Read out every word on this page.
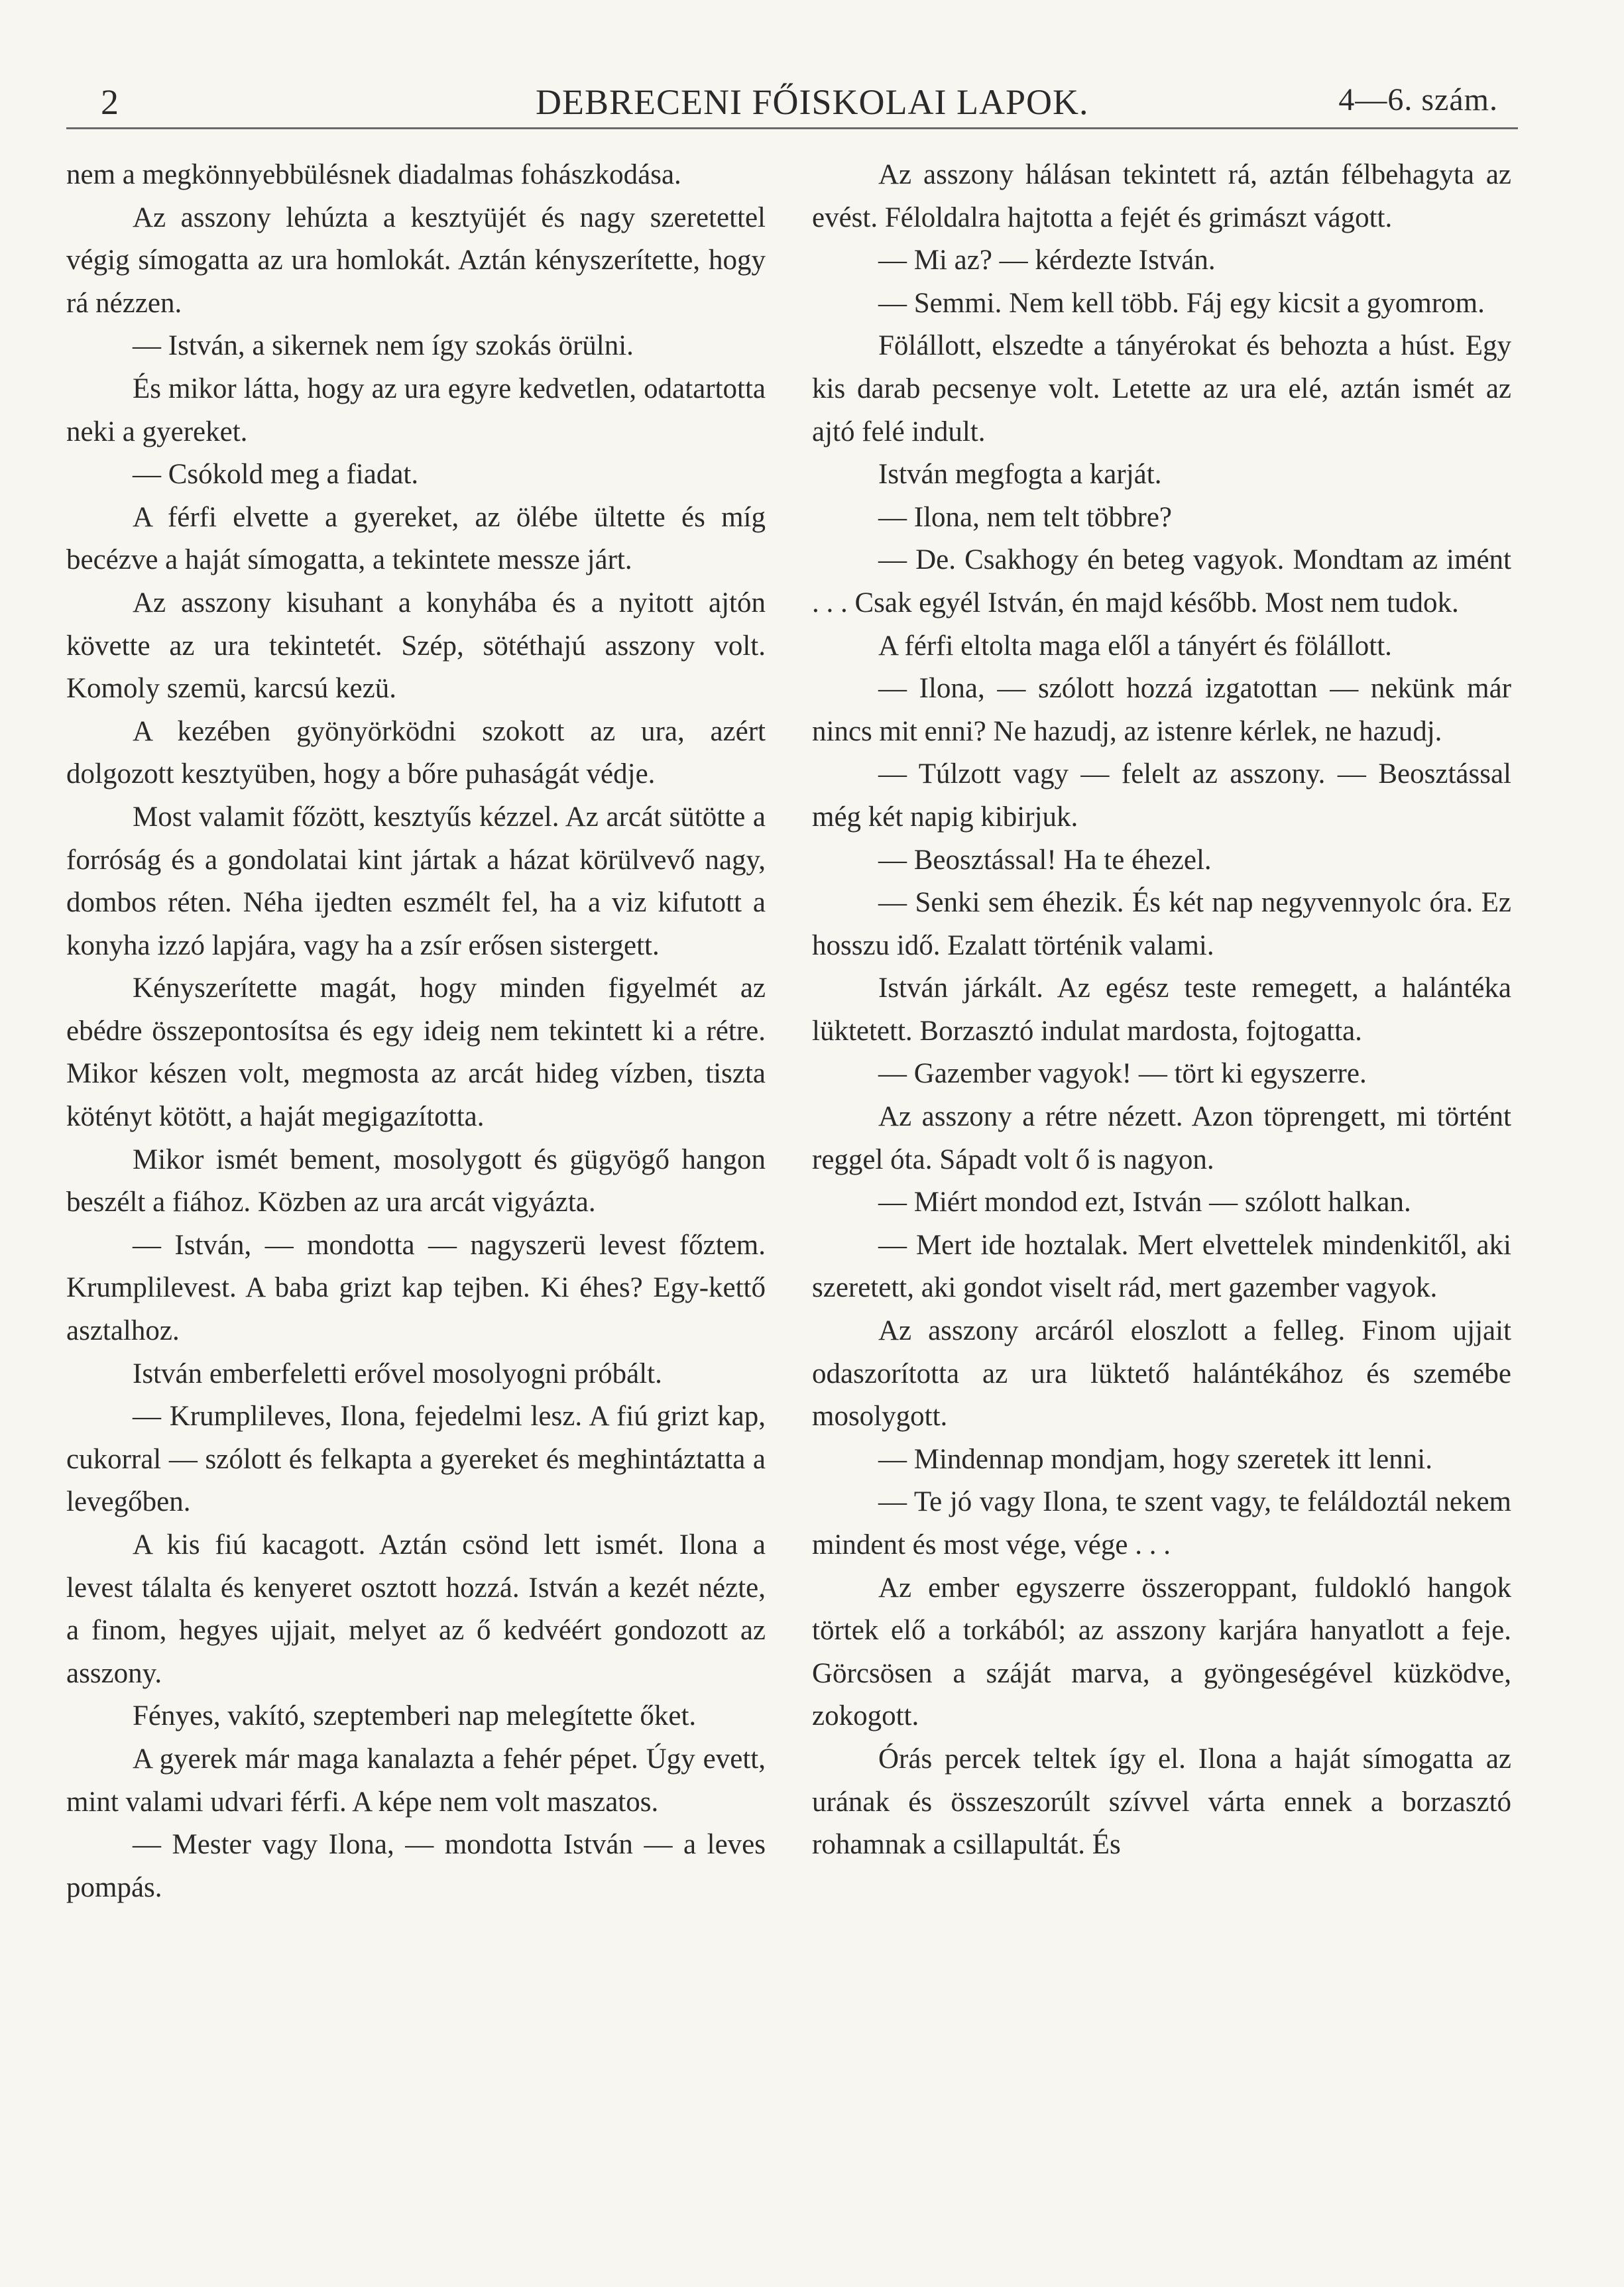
2	DEBRECENI FŐISKOLAI LAPOK.	4—6. szám.

nem a megkönnyebbülésnek diadalmas fohászkodása.

Az asszony lehúzta a kesztyüjét és nagy szeretettel végig símogatta az ura homlokát. Aztán kényszerítette, hogy rá nézzen.

— István, a sikernek nem így szokás örülni.

És mikor látta, hogy az ura egyre kedvetlen, odatartotta neki a gyereket.

— Csókold meg a fiadat.

A férfi elvette a gyereket, az ölébe ültette és míg becézve a haját símogatta, a tekintete messze járt.

Az asszony kisuhant a konyhába és a nyitott ajtón követte az ura tekintetét. Szép, sötéthajú asszony volt. Komoly szemü, karcsú kezü.

A kezében gyönyörködni szokott az ura, azért dolgozott kesztyüben, hogy a bőre puhaságát védje.

Most valamit főzött, kesztyűs kézzel. Az arcát sütötte a forróság és a gondolatai kint jártak a házat körülvevő nagy, dombos réten. Néha ijedten eszmélt fel, ha a viz kifutott a konyha izzó lapjára, vagy ha a zsír erősen sistergett.

Kényszerítette magát, hogy minden figyelmét az ebédre összepontosítsa és egy ideig nem tekintett ki a rétre. Mikor készen volt, megmosta az arcát hideg vízben, tiszta kötényt kötött, a haját megigazította.

Mikor ismét bement, mosolygott és gügyögő hangon beszélt a fiához. Közben az ura arcát vigyázta.

— István, — mondotta — nagyszerü levest főztem. Krumplilevest. A baba grizt kap tejben. Ki éhes? Egy-kettő asztalhoz.

István emberfeletti erővel mosolyogni próbált.

— Krumplileves, Ilona, fejedelmi lesz. A fiú grizt kap, cukorral — szólott és felkapta a gyereket és meghintáztatta a levegőben.

A kis fiú kacagott. Aztán csönd lett ismét. Ilona a levest tálalta és kenyeret osztott hozzá. István a kezét nézte, a finom, hegyes ujjait, melyet az ő kedvéért gondozott az asszony.

Fényes, vakító, szeptemberi nap melegítette őket.

A gyerek már maga kanalazta a fehér pépet. Úgy evett, mint valami udvari férfi. A képe nem volt maszatos.

— Mester vagy Ilona, — mondotta István — a leves pompás.

Az asszony hálásan tekintett rá, aztán félbehagyta az evést. Féloldalra hajtotta a fejét és grimászt vágott.

— Mi az? — kérdezte István.

— Semmi. Nem kell több. Fáj egy kicsit a gyomrom.

Fölállott, elszedte a tányérokat és behozta a húst. Egy kis darab pecsenye volt. Letette az ura elé, aztán ismét az ajtó felé indult.

István megfogta a karját.

— Ilona, nem telt többre?

— De. Csakhogy én beteg vagyok. Mondtam az imént . . . Csak egyél István, én majd később. Most nem tudok.

A férfi eltolta maga elől a tányért és fölállott.

— Ilona, — szólott hozzá izgatottan — nekünk már nincs mit enni? Ne hazudj, az istenre kérlek, ne hazudj.

— Túlzott vagy — felelt az asszony. — Beosztással még két napig kibirjuk.

— Beosztással! Ha te éhezel.

— Senki sem éhezik. És két nap negyvennyolc óra. Ez hosszu idő. Ezalatt történik valami.

István járkált. Az egész teste remegett, a halántéka lüktetett. Borzasztó indulat mardosta, fojtogatta.

— Gazember vagyok! — tört ki egyszerre.

Az asszony a rétre nézett. Azon töprengett, mi történt reggel óta. Sápadt volt ő is nagyon.

— Miért mondod ezt, István — szólott halkan.

— Mert ide hoztalak. Mert elvettelek mindenkitől, aki szeretett, aki gondot viselt rád, mert gazember vagyok.

Az asszony arcáról eloszlott a felleg. Finom ujjait odaszorította az ura lüktető halántékához és szemébe mosolygott.

— Mindennap mondjam, hogy szeretek itt lenni.

— Te jó vagy Ilona, te szent vagy, te feláldoztál nekem mindent és most vége, vége . . .

Az ember egyszerre összeroppant, fuldokló hangok törtek elő a torkából; az asszony karjára hanyatlott a feje. Görcsösen a száját marva, a gyöngeségével küzködve, zokogott.

Órás percek teltek így el. Ilona a haját símogatta az urának és összeszorúlt szívvel várta ennek a borzasztó rohamnak a csillapultát. És
